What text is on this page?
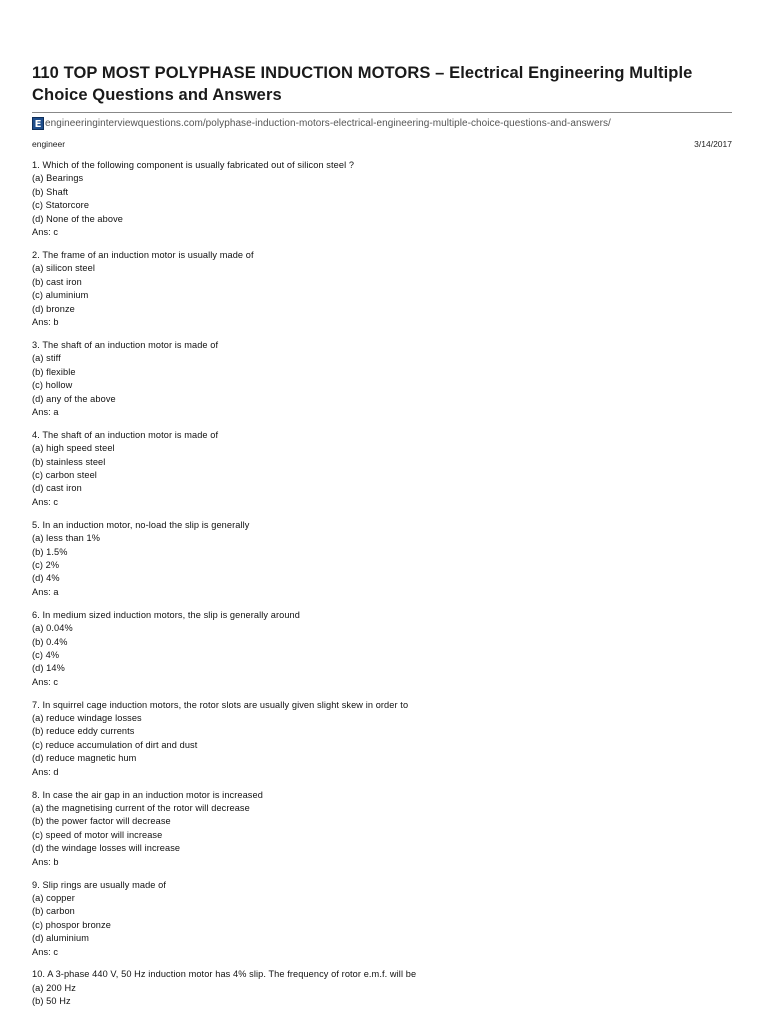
110 TOP MOST POLYPHASE INDUCTION MOTORS – Electrical Engineering Multiple Choice Questions and Answers
E engineeringinterviewquestions.com/polyphase-induction-motors-electrical-engineering-multiple-choice-questions-and-answers/
engineer	3/14/2017
1. Which of the following component is usually fabricated out of silicon steel ?
(a) Bearings
(b) Shaft
(c) Statorcore
(d) None of the above
Ans: c
2. The frame of an induction motor is usually made of
(a) silicon steel
(b) cast iron
(c) aluminium
(d) bronze
Ans: b
3. The shaft of an induction motor is made of
(a) stiff
(b) flexible
(c) hollow
(d) any of the above
Ans: a
4. The shaft of an induction motor is made of
(a) high speed steel
(b) stainless steel
(c) carbon steel
(d) cast iron
Ans: c
5. In an induction motor, no-load the slip is generally
(a) less than 1%
(b) 1.5%
(c) 2%
(d) 4%
Ans: a
6. In medium sized induction motors, the slip is generally around
(a) 0.04%
(b) 0.4%
(c) 4%
(d) 14%
Ans: c
7. In squirrel cage induction motors, the rotor slots are usually given slight skew in order to
(a) reduce windage losses
(b) reduce eddy currents
(c) reduce accumulation of dirt and dust
(d) reduce magnetic hum
Ans: d
8. In case the air gap in an induction motor is increased
(a) the magnetising current of the rotor will decrease
(b) the power factor will decrease
(c) speed of motor will increase
(d) the windage losses will increase
Ans: b
9. Slip rings are usually made of
(a) copper
(b) carbon
(c) phospor bronze
(d) aluminium
Ans: c
10. A 3-phase 440 V, 50 Hz induction motor has 4% slip. The frequency of rotor e.m.f. will be
(a) 200 Hz
(b) 50 Hz
